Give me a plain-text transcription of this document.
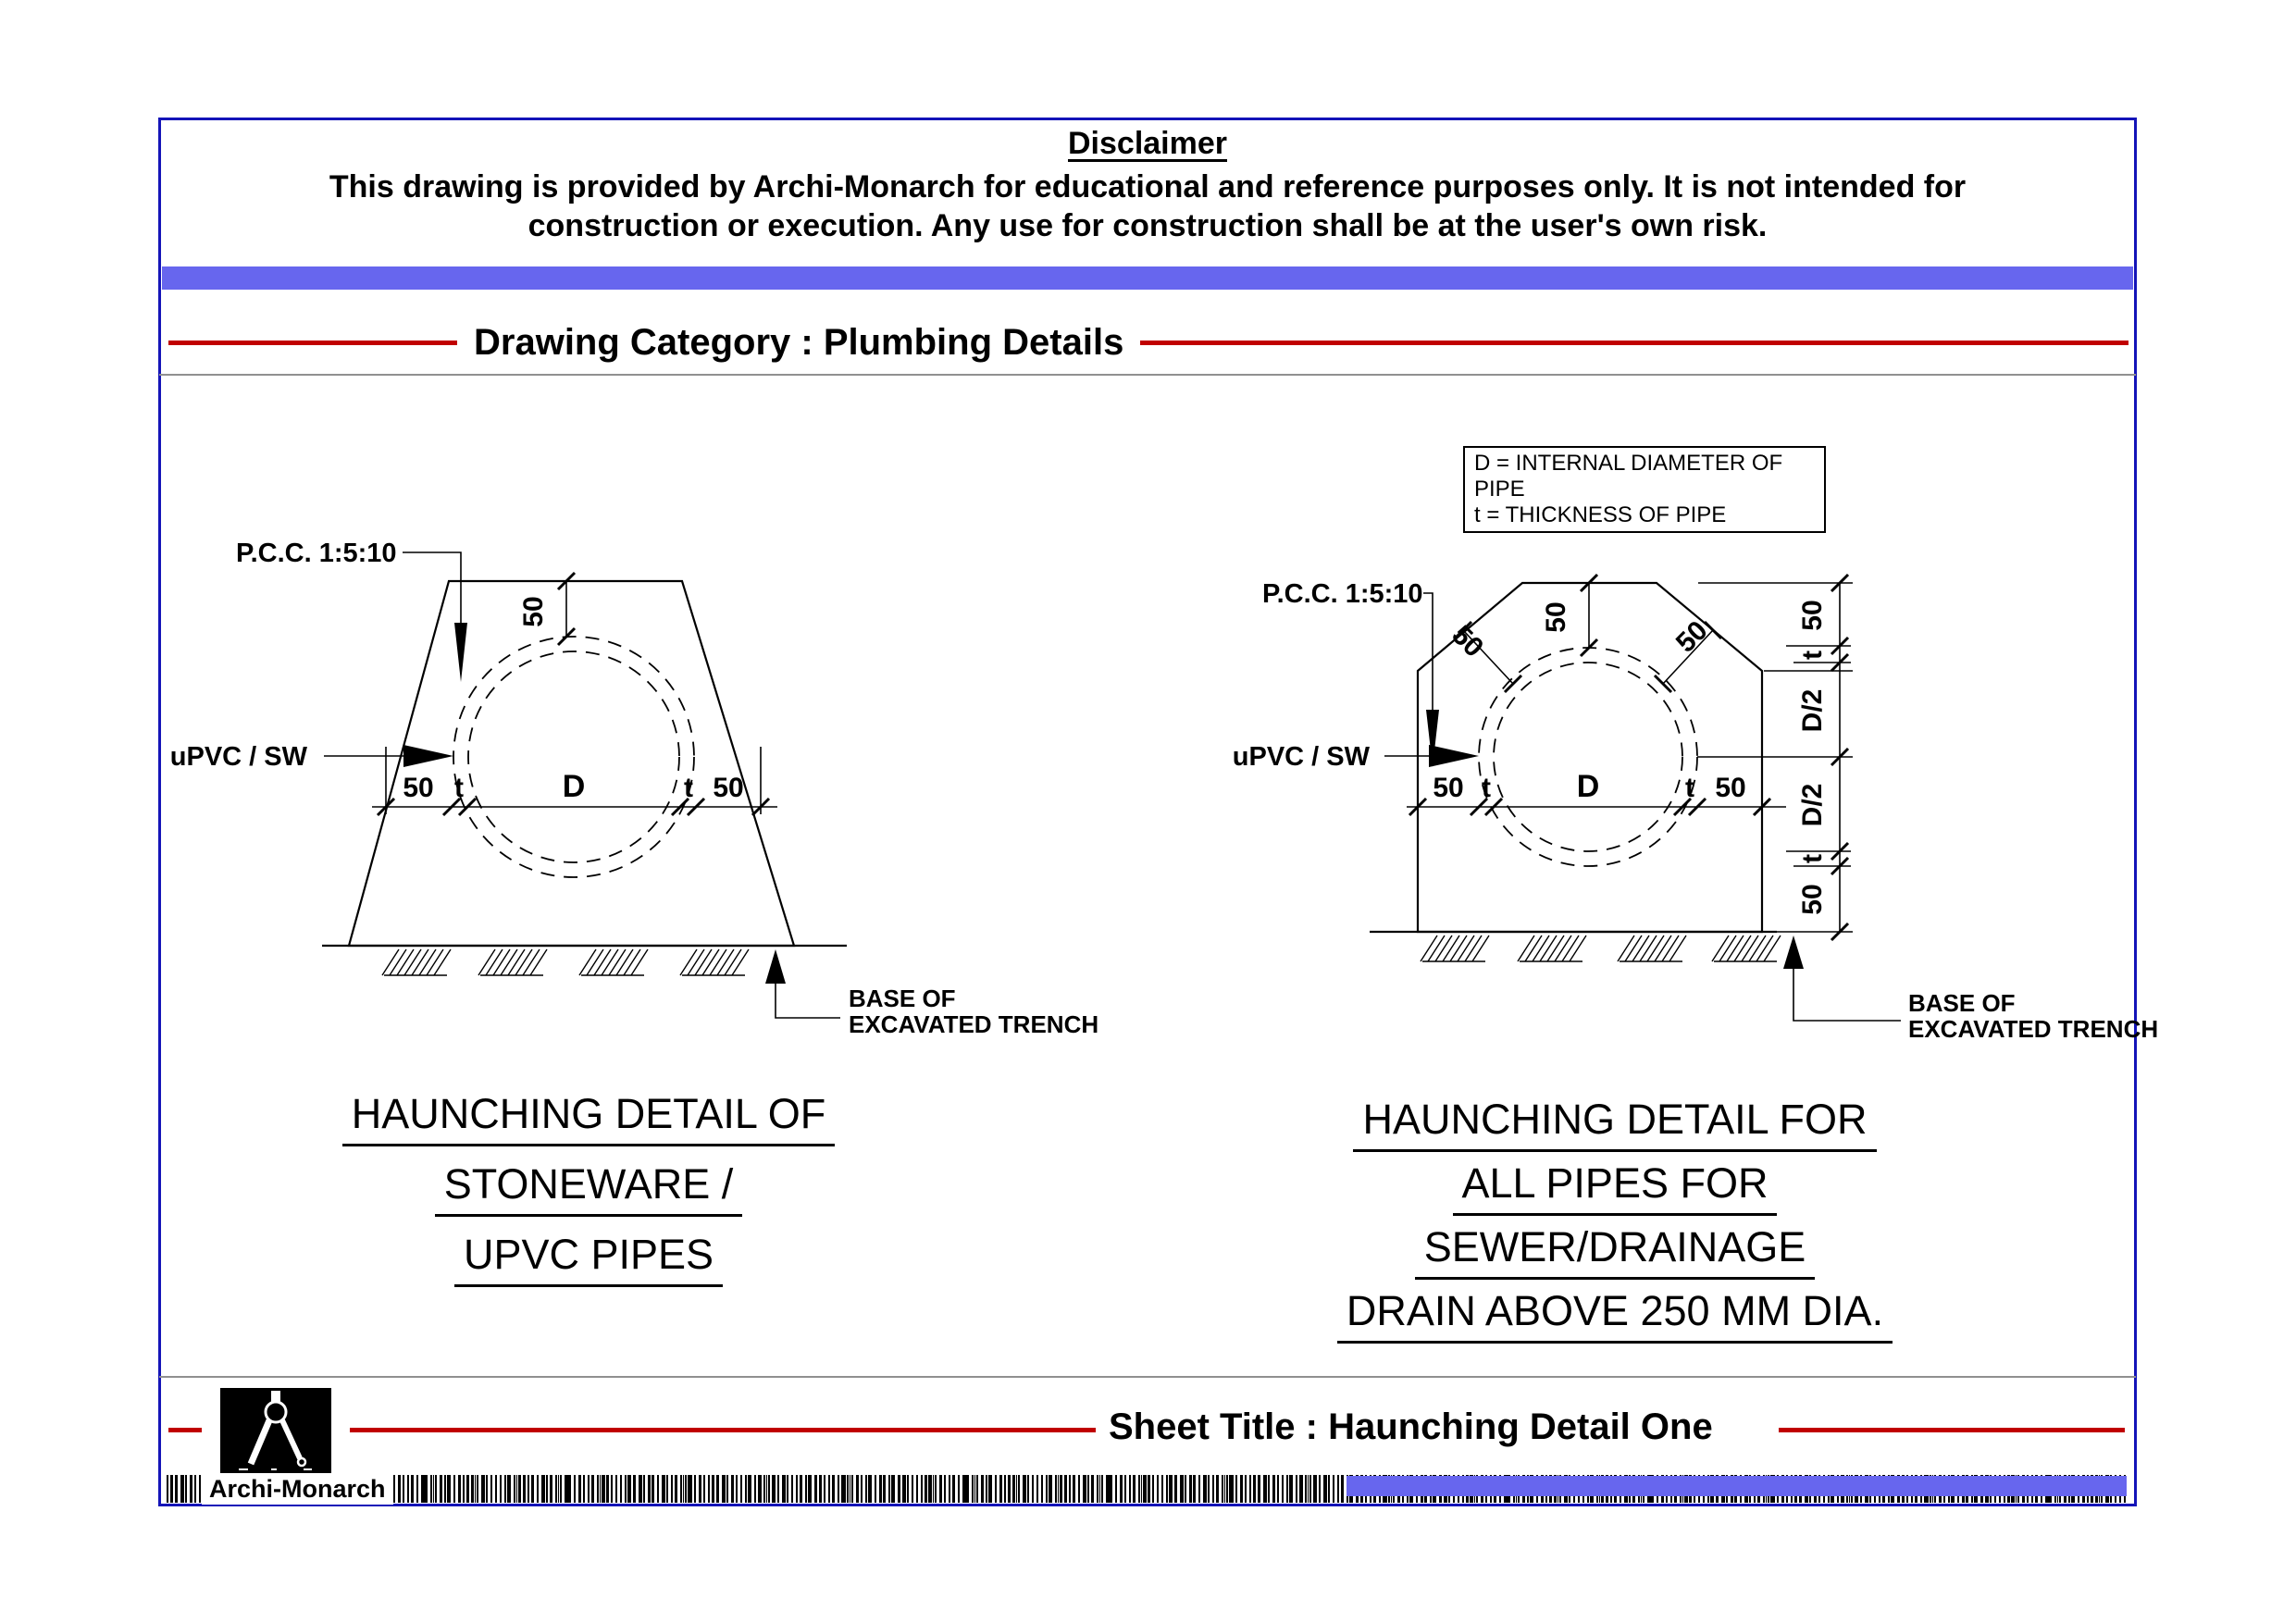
Disclaimer

This drawing is provided by Archi-Monarch for educational and reference purposes only. It is not intended for

construction or execution. Any use for construction shall be at the user's own risk.

Drawing Category : Plumbing Details
D = INTERNAL DIAMETER OF PIPE
t = THICKNESS OF PIPE
50
P.C.C. 1:5:10
uPVC / SW
50 t	D	t 50
BASE OF
EXCAVATED TRENCH
50
50	50
P.C.C. 1:5:10
uPVC / SW
50 t	D	t 50
50
t
D/2
D/2
t
50
BASE OF
EXCAVATED TRENCH
HAUNCHING DETAIL OF
STONEWARE /
UPVC PIPES
HAUNCHING DETAIL FOR
ALL PIPES FOR
SEWER/DRAINAGE
DRAIN ABOVE 250 MM DIA.
Sheet Title : Haunching Detail One
Archi-Monarch
